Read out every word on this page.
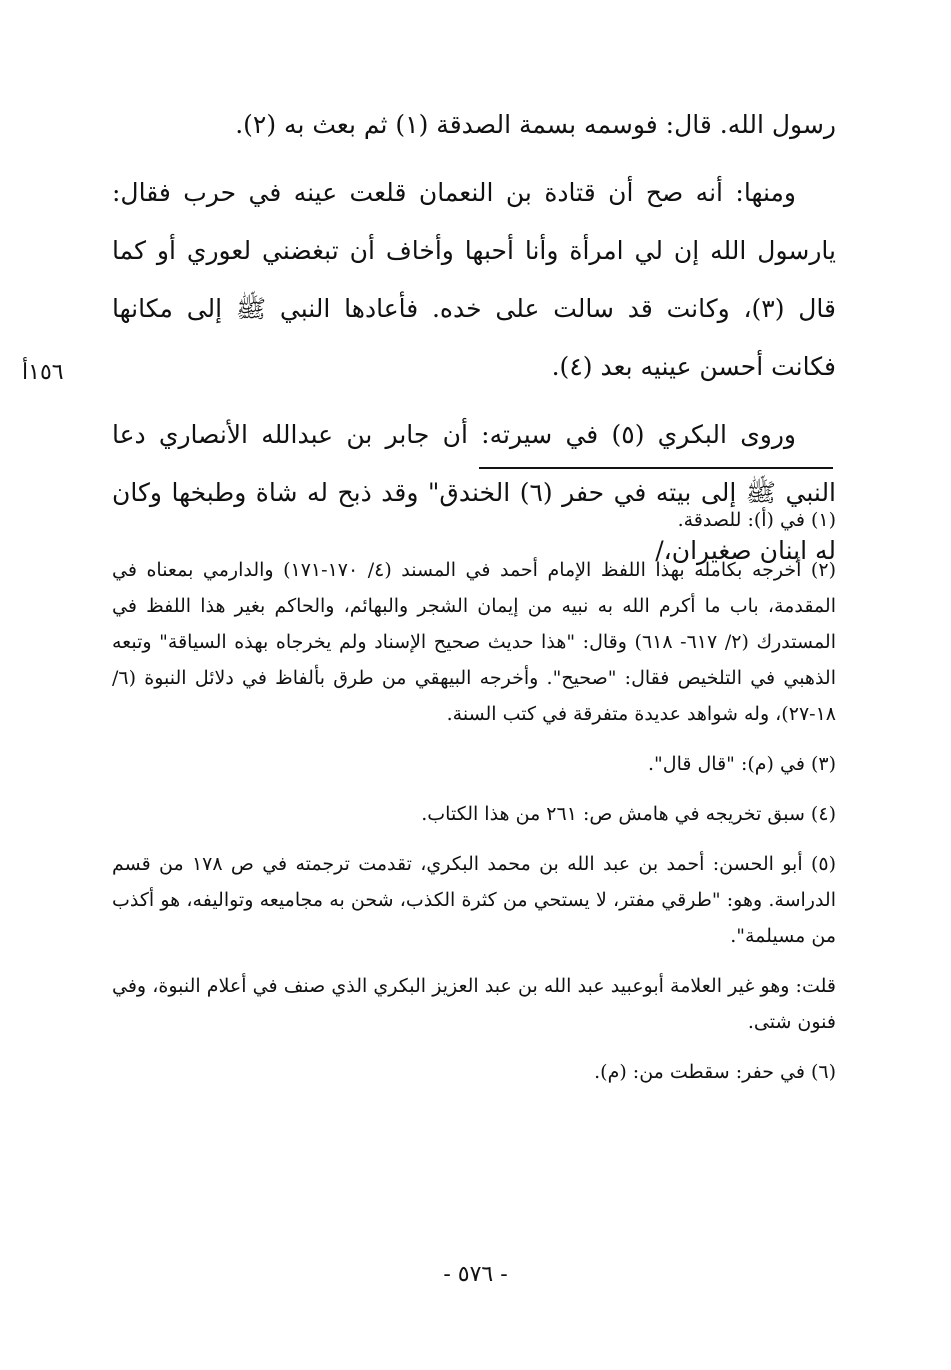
رسول الله. قال: فوسمه بسمة الصدقة (١) ثم بعث به (٢).

ومنها: أنه صح أن قتادة بن النعمان قلعت عينه في حرب فقال: يارسول الله إن لي امرأة وأنا أحبها وأخاف أن تبغضني لعوري أو كما قال (٣)، وكانت قد سالت على خده. فأعادها النبي ﷺ إلى مكانها فكانت أحسن عينيه بعد (٤).

وروى البكري (٥) في سيرته: أن جابر بن عبدالله الأنصاري دعا النبي ﷺ إلى بيته في حفر (٦) الخندق" وقد ذبح له شاة وطبخها وكان له ابنان صغيران،/

١٥٦أ

(١) في (أ): للصدقة.

(٢) أخرجه بكامله بهذا اللفظ الإمام أحمد في المسند (٤/ ١٧٠-١٧١) والدارمي بمعناه في المقدمة، باب ما أكرم الله به نبيه من إيمان الشجر والبهائم، والحاكم بغير هذا اللفظ في المستدرك (٢/ ٦١٧- ٦١٨) وقال: "هذا حديث صحيح الإسناد ولم يخرجاه بهذه السياقة" وتبعه الذهبي في التلخيص فقال: "صحيح". وأخرجه البيهقي من طرق بألفاظ في دلائل النبوة (٦/ ١٨-٢٧)، وله شواهد عديدة متفرقة في كتب السنة.

(٣) في (م): "قال قال".

(٤) سبق تخريجه في هامش ص: ٢٦١ من هذا الكتاب.

(٥) أبو الحسن: أحمد بن عبد الله بن محمد البكري، تقدمت ترجمته في ص ١٧٨ من قسم الدراسة. وهو: "طرقي مفتر، لا يستحي من كثرة الكذب، شحن به مجاميعه وتواليفه، هو أكذب من مسيلمة".

قلت: وهو غير العلامة أبوعبيد عبد الله بن عبد العزيز البكري الذي صنف في أعلام النبوة، وفي فنون شتى.

(٦) في حفر: سقطت من: (م).

- ٥٧٦ -
